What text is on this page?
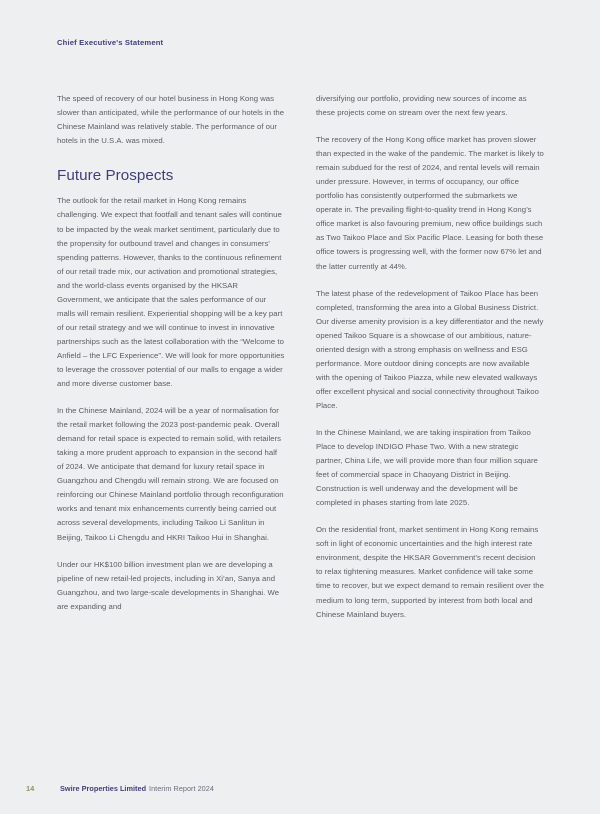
Chief Executive's Statement

The speed of recovery of our hotel business in Hong Kong was slower than anticipated, while the performance of our hotels in the Chinese Mainland was relatively stable. The performance of our hotels in the U.S.A. was mixed.

Future Prospects

The outlook for the retail market in Hong Kong remains challenging. We expect that footfall and tenant sales will continue to be impacted by the weak market sentiment, particularly due to the propensity for outbound travel and changes in consumers' spending patterns. However, thanks to the continuous refinement of our retail trade mix, our activation and promotional strategies, and the world-class events organised by the HKSAR Government, we anticipate that the sales performance of our malls will remain resilient. Experiential shopping will be a key part of our retail strategy and we will continue to invest in innovative partnerships such as the latest collaboration with the “Welcome to Anfield – the LFC Experience”. We will look for more opportunities to leverage the crossover potential of our malls to engage a wider and more diverse customer base.

In the Chinese Mainland, 2024 will be a year of normalisation for the retail market following the 2023 post-pandemic peak. Overall demand for retail space is expected to remain solid, with retailers taking a more prudent approach to expansion in the second half of 2024. We anticipate that demand for luxury retail space in Guangzhou and Chengdu will remain strong. We are focused on reinforcing our Chinese Mainland portfolio through reconfiguration works and tenant mix enhancements currently being carried out across several developments, including Taikoo Li Sanlitun in Beijing, Taikoo Li Chengdu and HKRI Taikoo Hui in Shanghai.

Under our HK$100 billion investment plan we are developing a pipeline of new retail-led projects, including in Xi’an, Sanya and Guangzhou, and two large-scale developments in Shanghai. We are expanding and

diversifying our portfolio, providing new sources of income as these projects come on stream over the next few years.

The recovery of the Hong Kong office market has proven slower than expected in the wake of the pandemic. The market is likely to remain subdued for the rest of 2024, and rental levels will remain under pressure. However, in terms of occupancy, our office portfolio has consistently outperformed the submarkets we operate in. The prevailing flight-to-quality trend in Hong Kong’s office market is also favouring premium, new office buildings such as Two Taikoo Place and Six Pacific Place. Leasing for both these office towers is progressing well, with the former now 67% let and the latter currently at 44%.

The latest phase of the redevelopment of Taikoo Place has been completed, transforming the area into a Global Business District. Our diverse amenity provision is a key differentiator and the newly opened Taikoo Square is a showcase of our ambitious, nature-oriented design with a strong emphasis on wellness and ESG performance. More outdoor dining concepts are now available with the opening of Taikoo Piazza, while new elevated walkways offer excellent physical and social connectivity throughout Taikoo Place.

In the Chinese Mainland, we are taking inspiration from Taikoo Place to develop INDIGO Phase Two. With a new strategic partner, China Life, we will provide more than four million square feet of commercial space in Chaoyang District in Beijing. Construction is well underway and the development will be completed in phases starting from late 2025.

On the residential front, market sentiment in Hong Kong remains soft in light of economic uncertainties and the high interest rate environment, despite the HKSAR Government’s recent decision to relax tightening measures. Market confidence will take some time to recover, but we expect demand to remain resilient over the medium to long term, supported by interest from both local and Chinese Mainland buyers.

14	Swire Properties Limited Interim Report 2024
